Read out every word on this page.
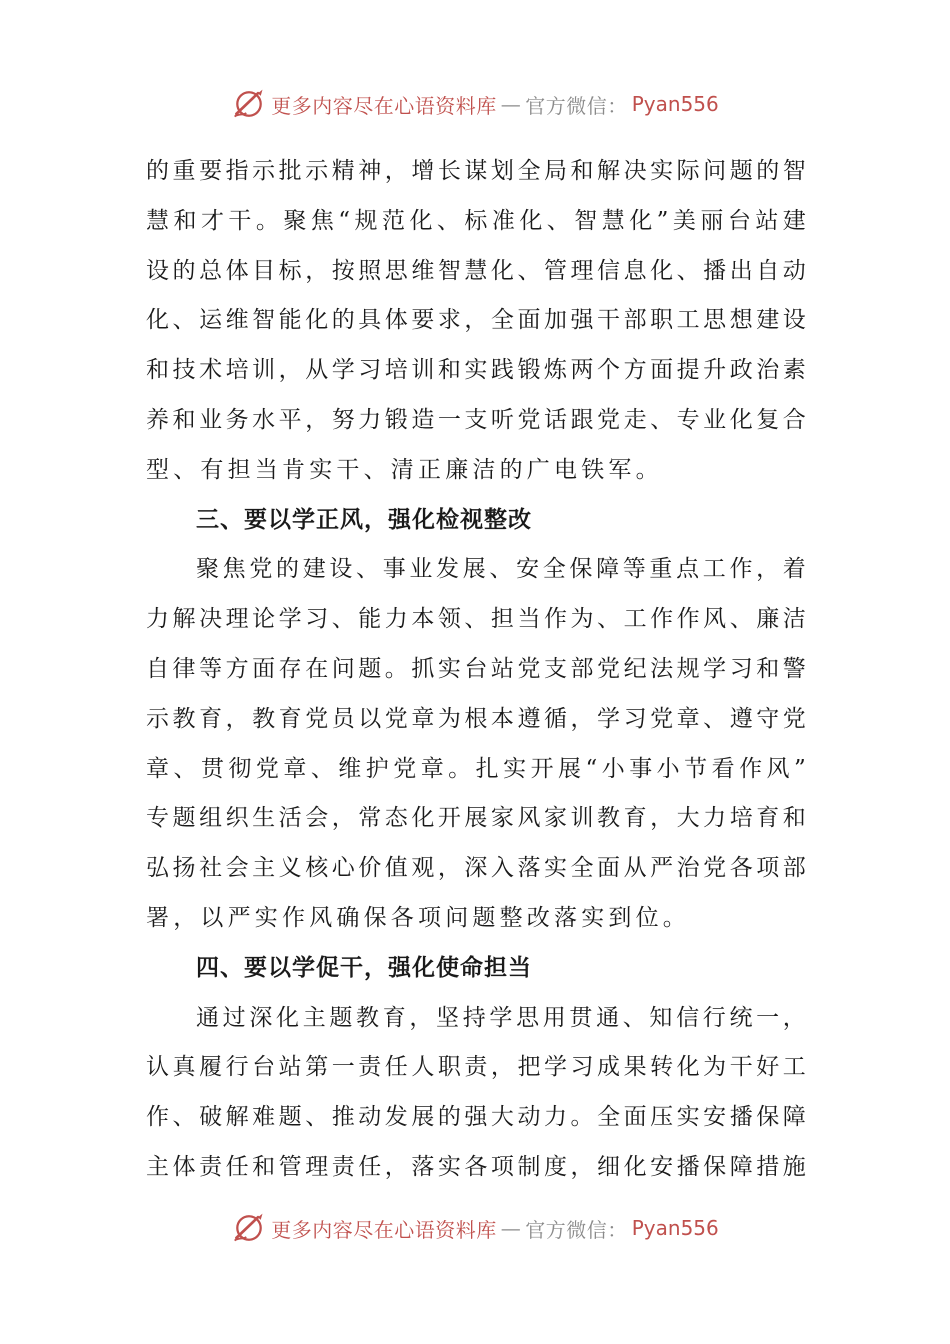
更多内容尽在心语资料库 — 官方微信： Pyan556
的 重 要 指 示 批 示 精 神 ， 增 长 谋 划 全 局 和 解 决 实 际 问 题 的 智
慧 和 才 干 。 聚 焦 “ 规 范 化 、 标 准 化 、 智 慧 化 ” 美 丽 台 站 建
设 的 总 体 目 标 ， 按 照 思 维 智 慧 化 、 管 理 信 息 化 、 播 出 自 动
化 、 运 维 智 能 化 的 具 体 要 求 ， 全 面 加 强 干 部 职 工 思 想 建 设
和 技 术 培 训 ， 从 学 习 培 训 和 实 践 锻 炼 两 个 方 面 提 升 政 治 素
养 和 业 务 水 平 ， 努 力 锻 造 一 支 听 党 话 跟 党 走 、 专 业 化 复 合
型、有担当肯实干、清正廉洁的广电铁军。
三、要以学正风，强化检视整改
聚 焦 党 的 建 设 、 事 业 发 展 、 安 全 保 障 等 重 点 工 作 ， 着
力 解 决 理 论 学 习 、 能 力 本 领 、 担 当 作 为 、 工 作 作 风 、 廉 洁
自 律 等 方 面 存 在 问 题 。 抓 实 台 站 党 支 部 党 纪 法 规 学 习 和 警
示 教 育 ， 教 育 党 员 以 党 章 为 根 本 遵 循 ， 学 习 党 章 、 遵 守 党
章 、 贯 彻 党 章 、 维 护 党 章 。 扎 实 开 展 “ 小 事 小 节 看 作 风 ”
专 题 组 织 生 活 会 ， 常 态 化 开 展 家 风 家 训 教 育 ， 大 力 培 育 和
弘 扬 社 会 主 义 核 心 价 值 观 ， 深 入 落 实 全 面 从 严 治 党 各 项 部
署，以严实作风确保各项问题整改落实到位。
四、要以学促干，强化使命担当
通 过 深 化 主 题 教 育 ， 坚 持 学 思 用 贯 通 、 知 信 行 统 一 ，
认 真 履 行 台 站 第 一 责 任 人 职 责 ， 把 学 习 成 果 转 化 为 干 好 工
作 、 破 解 难 题 、 推 动 发 展 的 强 大 动 力 。 全 面 压 实 安 播 保 障
主 体 责 任 和 管 理 责 任 ， 落 实 各 项 制 度 ， 细 化 安 播 保 障 措 施
更多内容尽在心语资料库 — 官方微信： Pyan556
